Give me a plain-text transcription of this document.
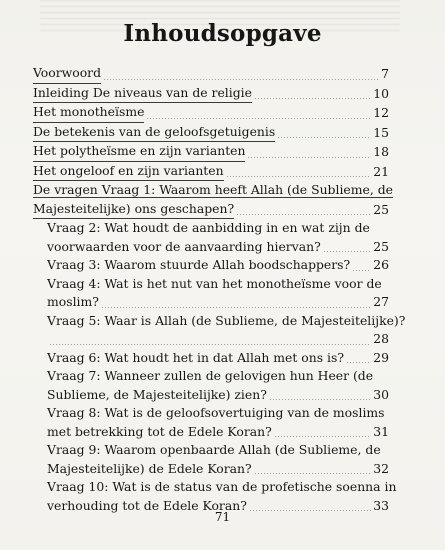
Inhoudsopgave
Voorwoord	7
Inleiding De niveaus van de religie	10
Het monotheïsme	12
De betekenis van de geloofsgetuigenis	15
Het polytheïsme en zijn varianten	18
Het ongeloof en zijn varianten	21
De vragen Vraag 1: Waarom heeft Allah (de Sublieme, de
Majesteitelijke) ons geschapen?	25
Vraag 2: Wat houdt de aanbidding in en wat zijn de
voorwaarden voor de aanvaarding hiervan?	25
Vraag 3: Waarom stuurde Allah boodschappers? 26
Vraag 4: Wat is het nut van het monotheïsme voor de
moslim?	27
Vraag 5: Waar is Allah (de Sublieme, de Majesteitelijke)?
28
Vraag 6: Wat houdt het in dat Allah met ons is? 29
Vraag 7: Wanneer zullen de gelovigen hun Heer (de
Sublieme, de Majesteitelijke) zien?	30
Vraag 8: Wat is de geloofsovertuiging van de moslims
met betrekking tot de Edele Koran?	31
Vraag 9: Waarom openbaarde Allah (de Sublieme, de
Majesteitelijke) de Edele Koran?	32
Vraag 10: Wat is de status van de profetische soenna in
verhouding tot de Edele Koran?	33
71
